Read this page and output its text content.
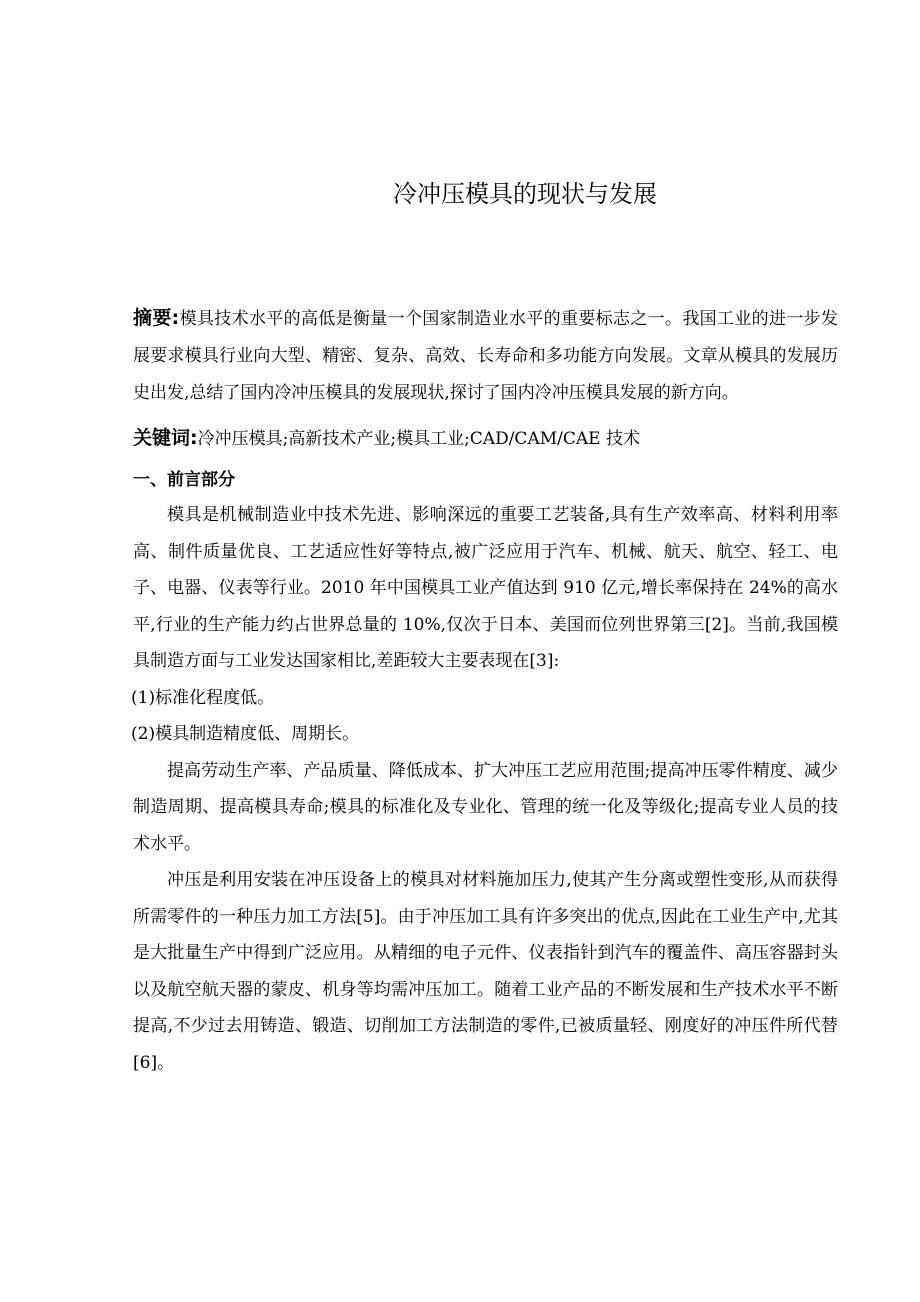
冷冲压模具的现状与发展

摘要:模具技术水平的高低是衡量一个国家制造业水平的重要标志之一。我国工业的进一步发展要求模具行业向大型、精密、复杂、高效、长寿命和多功能方向发展。文章从模具的发展历史出发,总结了国内冷冲压模具的发展现状,探讨了国内冷冲压模具发展的新方向。

关键词:冷冲压模具;高新技术产业;模具工业;CAD/CAM/CAE 技术

一、前言部分

模具是机械制造业中技术先进、影响深远的重要工艺装备,具有生产效率高、材料利用率高、制件质量优良、工艺适应性好等特点,被广泛应用于汽车、机械、航天、航空、轻工、电子、电器、仪表等行业。2010 年中国模具工业产值达到 910 亿元,增长率保持在 24%的高水平,行业的生产能力约占世界总量的 10%,仅次于日本、美国而位列世界第三[2]。当前,我国模具制造方面与工业发达国家相比,差距较大主要表现在[3]:

(1)标准化程度低。

(2)模具制造精度低、周期长。

提高劳动生产率、产品质量、降低成本、扩大冲压工艺应用范围;提高冲压零件精度、减少制造周期、提高模具寿命;模具的标准化及专业化、管理的统一化及等级化;提高专业人员的技术水平。

冲压是利用安装在冲压设备上的模具对材料施加压力,使其产生分离或塑性变形,从而获得所需零件的一种压力加工方法[5]。由于冲压加工具有许多突出的优点,因此在工业生产中,尤其是大批量生产中得到广泛应用。从精细的电子元件、仪表指针到汽车的覆盖件、高压容器封头以及航空航天器的蒙皮、机身等均需冲压加工。随着工业产品的不断发展和生产技术水平不断提高,不少过去用铸造、锻造、切削加工方法制造的零件,已被质量轻、刚度好的冲压件所代替[6]。
